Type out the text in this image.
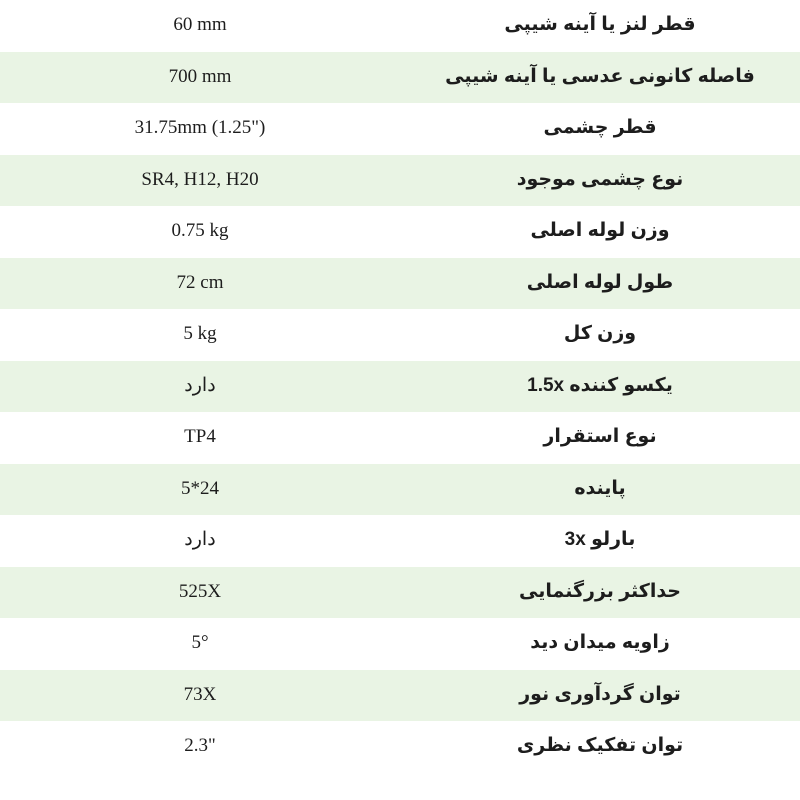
قطر لنز یا آینه شیپی	60 mm
فاصله کانونی عدسی یا آینه شیپی	700 mm
قطر چشمی	31.75mm (1.25")
نوع چشمی موجود	SR4, H12, H20
وزن لوله اصلی	0.75 kg
طول لوله اصلی	72 cm
وزن کل	5 kg
یکسو کننده 1.5x	دارد
نوع استقرار	TP4
پاینده	5*24
بارلو 3x	دارد
حداکثر بزرگنمایی	525X
زاویه میدان دید	5°
توان گردآوری نور	73X
توان تفکیک نظری	2.3"
